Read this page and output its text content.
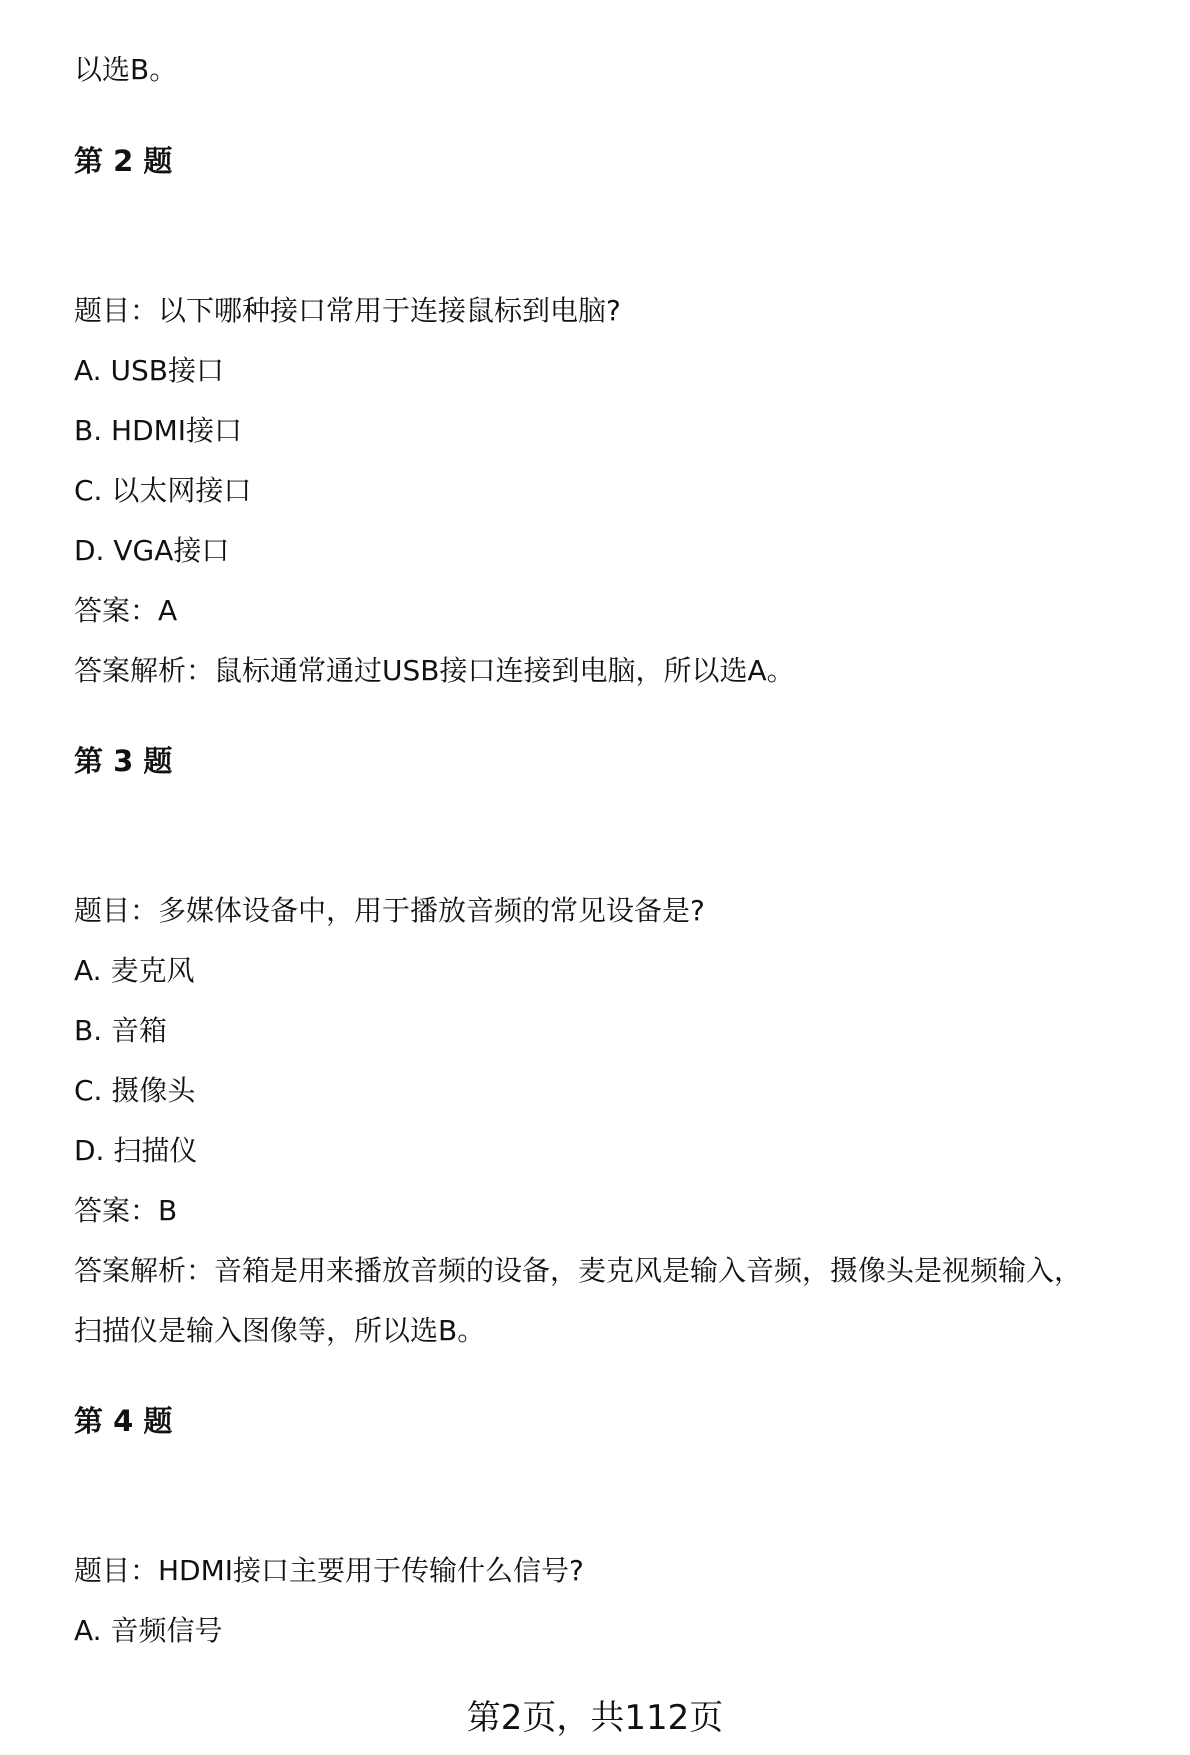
以选B。
第 2 题
题目：以下哪种接口常用于连接鼠标到电脑?
A. USB接口
B. HDMI接口
C. 以太网接口
D. VGA接口
答案：A
答案解析：鼠标通常通过USB接口连接到电脑，所以选A。
第 3 题
题目：多媒体设备中，用于播放音频的常见设备是?
A. 麦克风
B. 音箱
C. 摄像头
D. 扫描仪
答案：B
答案解析：音箱是用来播放音频的设备，麦克风是输入音频，摄像头是视频输入，
扫描仪是输入图像等，所以选B。
第 4 题
题目：HDMI接口主要用于传输什么信号?
A. 音频信号
第2页，共112页
